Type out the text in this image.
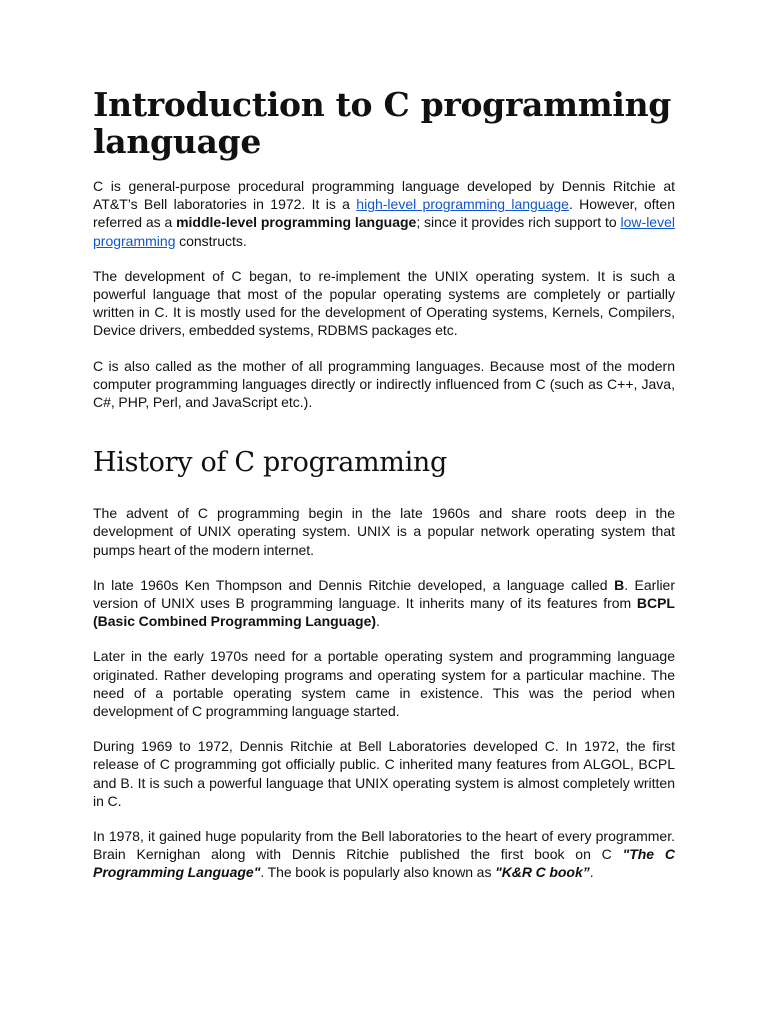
Introduction to C programming language

C is general-purpose procedural programming language developed by Dennis Ritchie at AT&T’s Bell laboratories in 1972. It is a high-level programming language. However, often referred as a middle-level programming language; since it provides rich support to low-level programming constructs.

The development of C began, to re-implement the UNIX operating system. It is such a powerful language that most of the popular operating systems are completely or partially written in C. It is mostly used for the development of Operating systems, Kernels, Compilers, Device drivers, embedded systems, RDBMS packages etc.

C is also called as the mother of all programming languages. Because most of the modern computer programming languages directly or indirectly influenced from C (such as C++, Java, C#, PHP, Perl, and JavaScript etc.).

History of C programming

The advent of C programming begin in the late 1960s and share roots deep in the development of UNIX operating system. UNIX is a popular network operating system that pumps heart of the modern internet.

In late 1960s Ken Thompson and Dennis Ritchie developed, a language called B. Earlier version of UNIX uses B programming language. It inherits many of its features from BCPL (Basic Combined Programming Language).

Later in the early 1970s need for a portable operating system and programming language originated. Rather developing programs and operating system for a particular machine. The need of a portable operating system came in existence. This was the period when development of C programming language started.

During 1969 to 1972, Dennis Ritchie at Bell Laboratories developed C. In 1972, the first release of C programming got officially public. C inherited many features from ALGOL, BCPL and B. It is such a powerful language that UNIX operating system is almost completely written in C.

In 1978, it gained huge popularity from the Bell laboratories to the heart of every programmer. Brain Kernighan along with Dennis Ritchie published the first book on C "The C Programming Language". The book is popularly also known as "K&R C book”.
